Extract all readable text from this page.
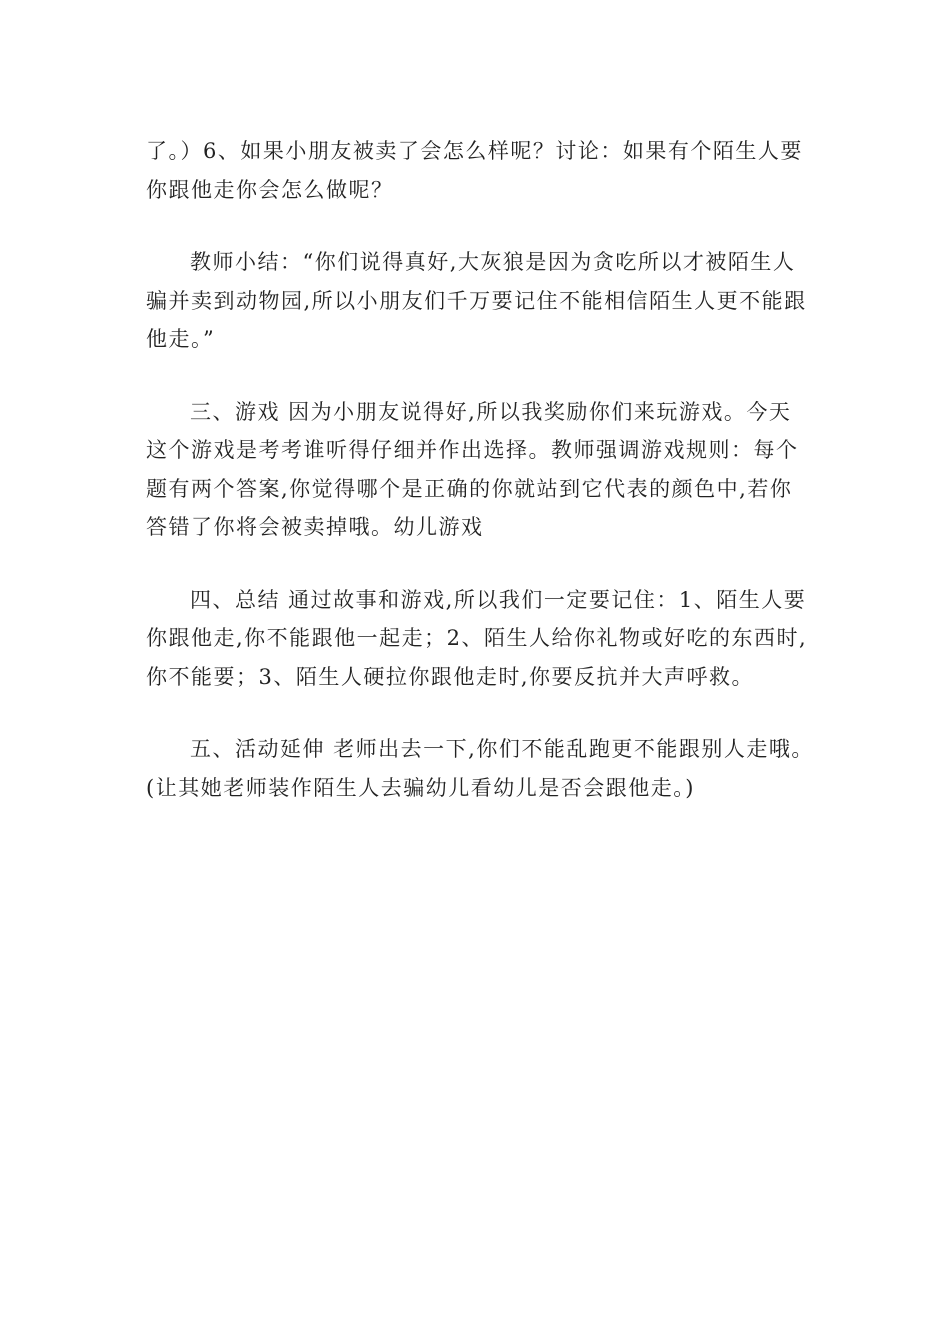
了。）6、如果小朋友被卖了会怎么样呢？讨论：如果有个陌生人要
你跟他走你会怎么做呢？
教师小结：“你们说得真好,大灰狼是因为贪吃所以才被陌生人
骗并卖到动物园,所以小朋友们千万要记住不能相信陌生人更不能跟
他走。”
三、游戏 因为小朋友说得好,所以我奖励你们来玩游戏。今天
这个游戏是考考谁听得仔细并作出选择。教师强调游戏规则：每个
题有两个答案,你觉得哪个是正确的你就站到它代表的颜色中,若你
答错了你将会被卖掉哦。幼儿游戏
四、总结 通过故事和游戏,所以我们一定要记住：1、陌生人要
你跟他走,你不能跟他一起走；2、陌生人给你礼物或好吃的东西时,
你不能要；3、陌生人硬拉你跟他走时,你要反抗并大声呼救。
五、活动延伸 老师出去一下,你们不能乱跑更不能跟别人走哦。
(让其她老师装作陌生人去骗幼儿看幼儿是否会跟他走。)
